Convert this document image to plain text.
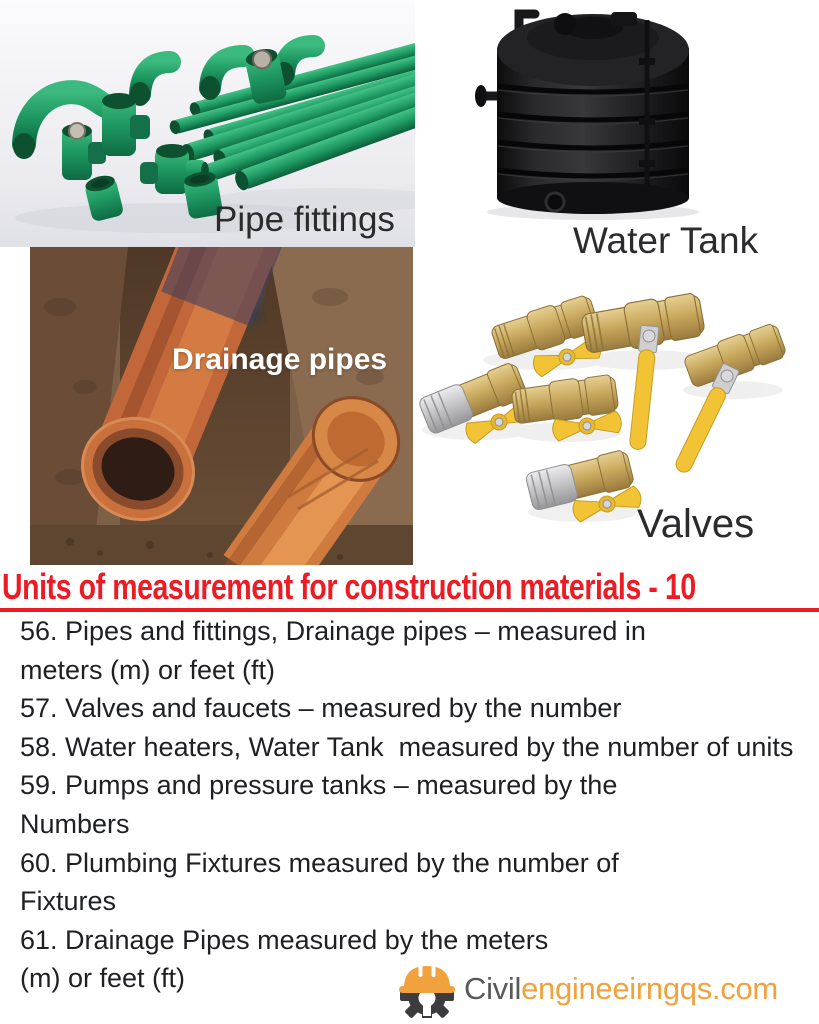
Pipe fittings
Water Tank
Drainage pipes
Valves
Units of measurement for construction materials - 10
56. Pipes and fittings, Drainage pipes – measured in
meters (m) or feet (ft)
57. Valves and faucets – measured by the number
58. Water heaters, Water Tank  measured by the number of units
59. Pumps and pressure tanks – measured by the
Numbers
60. Plumbing Fixtures measured by the number of
Fixtures
61. Drainage Pipes measured by the meters
(m) or feet (ft)	Civilengineeirngqs.com
